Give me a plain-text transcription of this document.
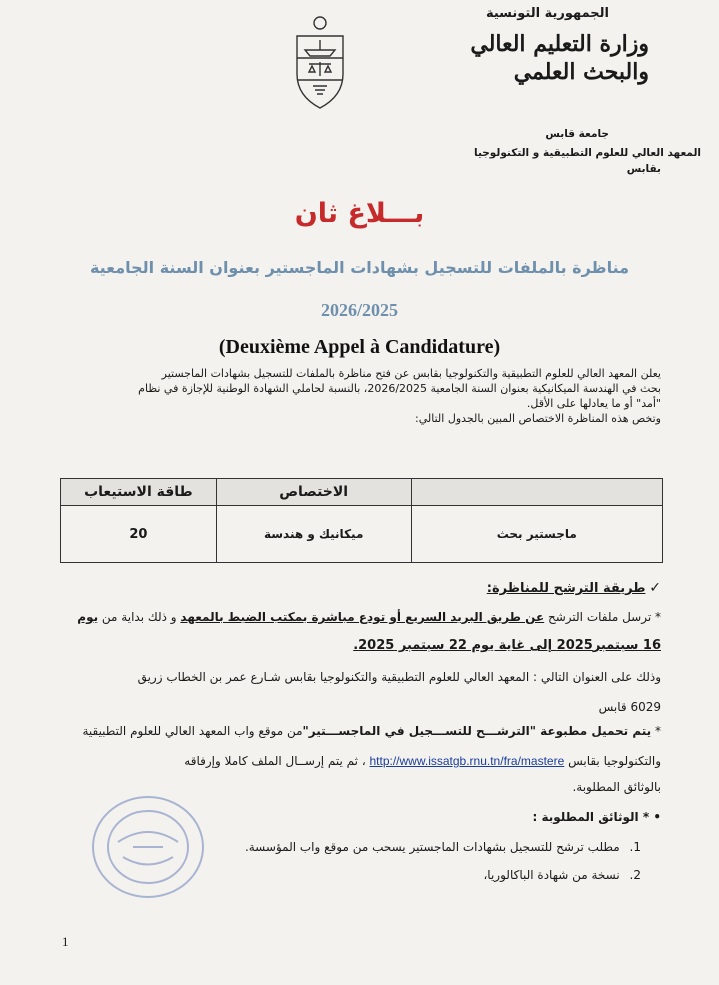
الجمهورية التونسية
وزارة التعليم العالي
والبحث العلمي
جامعة قابس
المعهد العالي للعلوم التطبيقية و التكنولوجيا
بقابس
بـــلاغ ثان
مناظرة بالملفات للتسجيل بشهادات الماجستير بعنوان السنة الجامعية
2026/2025
(Deuxième Appel à Candidature)
يعلن المعهد العالي للعلوم التطبيقية والتكنولوجيا بقابس عن فتح مناظرة بالملفات للتسجيل بشهادات الماجستير
بحث في الهندسة الميكانيكية بعنوان السنة الجامعية 2026/2025، بالنسبة لحاملي الشهادة الوطنية للإجازة في نظام
"أمد" أو ما يعادلها على الأقل.
وتخص هذه المناظرة الاختصاص المبين بالجدول التالي:
	الاختصاص	طاقة الاستيعاب
ماجستير بحث	ميكانيك و هندسة	20
✓ طريقة الترشح للمناظرة:
* ترسل ملفات الترشح عن طريق البريد السريع أو تودع مباشرة بمكتب الضبط بالمعهد و ذلك بداية من يوم
16 سبتمبر2025 إلى غاية يوم 22 سبتمبر 2025.
وذلك على العنوان التالي : المعهد العالي للعلوم التطبيقية والتكنولوجيا بقابس شـارع عمر بن الخطاب زريق
6029 قابس
* يتم تحميل مطبوعة "الترشـــح للتســـجيل في الماجســـتير"من موقع واب المعهد العالي للعلوم التطبيقية
والتكنولوجيا بقابس http://www.issatgb.rnu.tn/fra/mastere ، ثم يتم إرســال الملف كاملا وإرفاقه
بالوثائق المطلوبة.
• * الوثائق المطلوبة :
1. مطلب ترشح للتسجيل بشهادات الماجستير يسحب من موقع واب المؤسسة.
2. نسخة من شهادة الباكالوريا،
1
